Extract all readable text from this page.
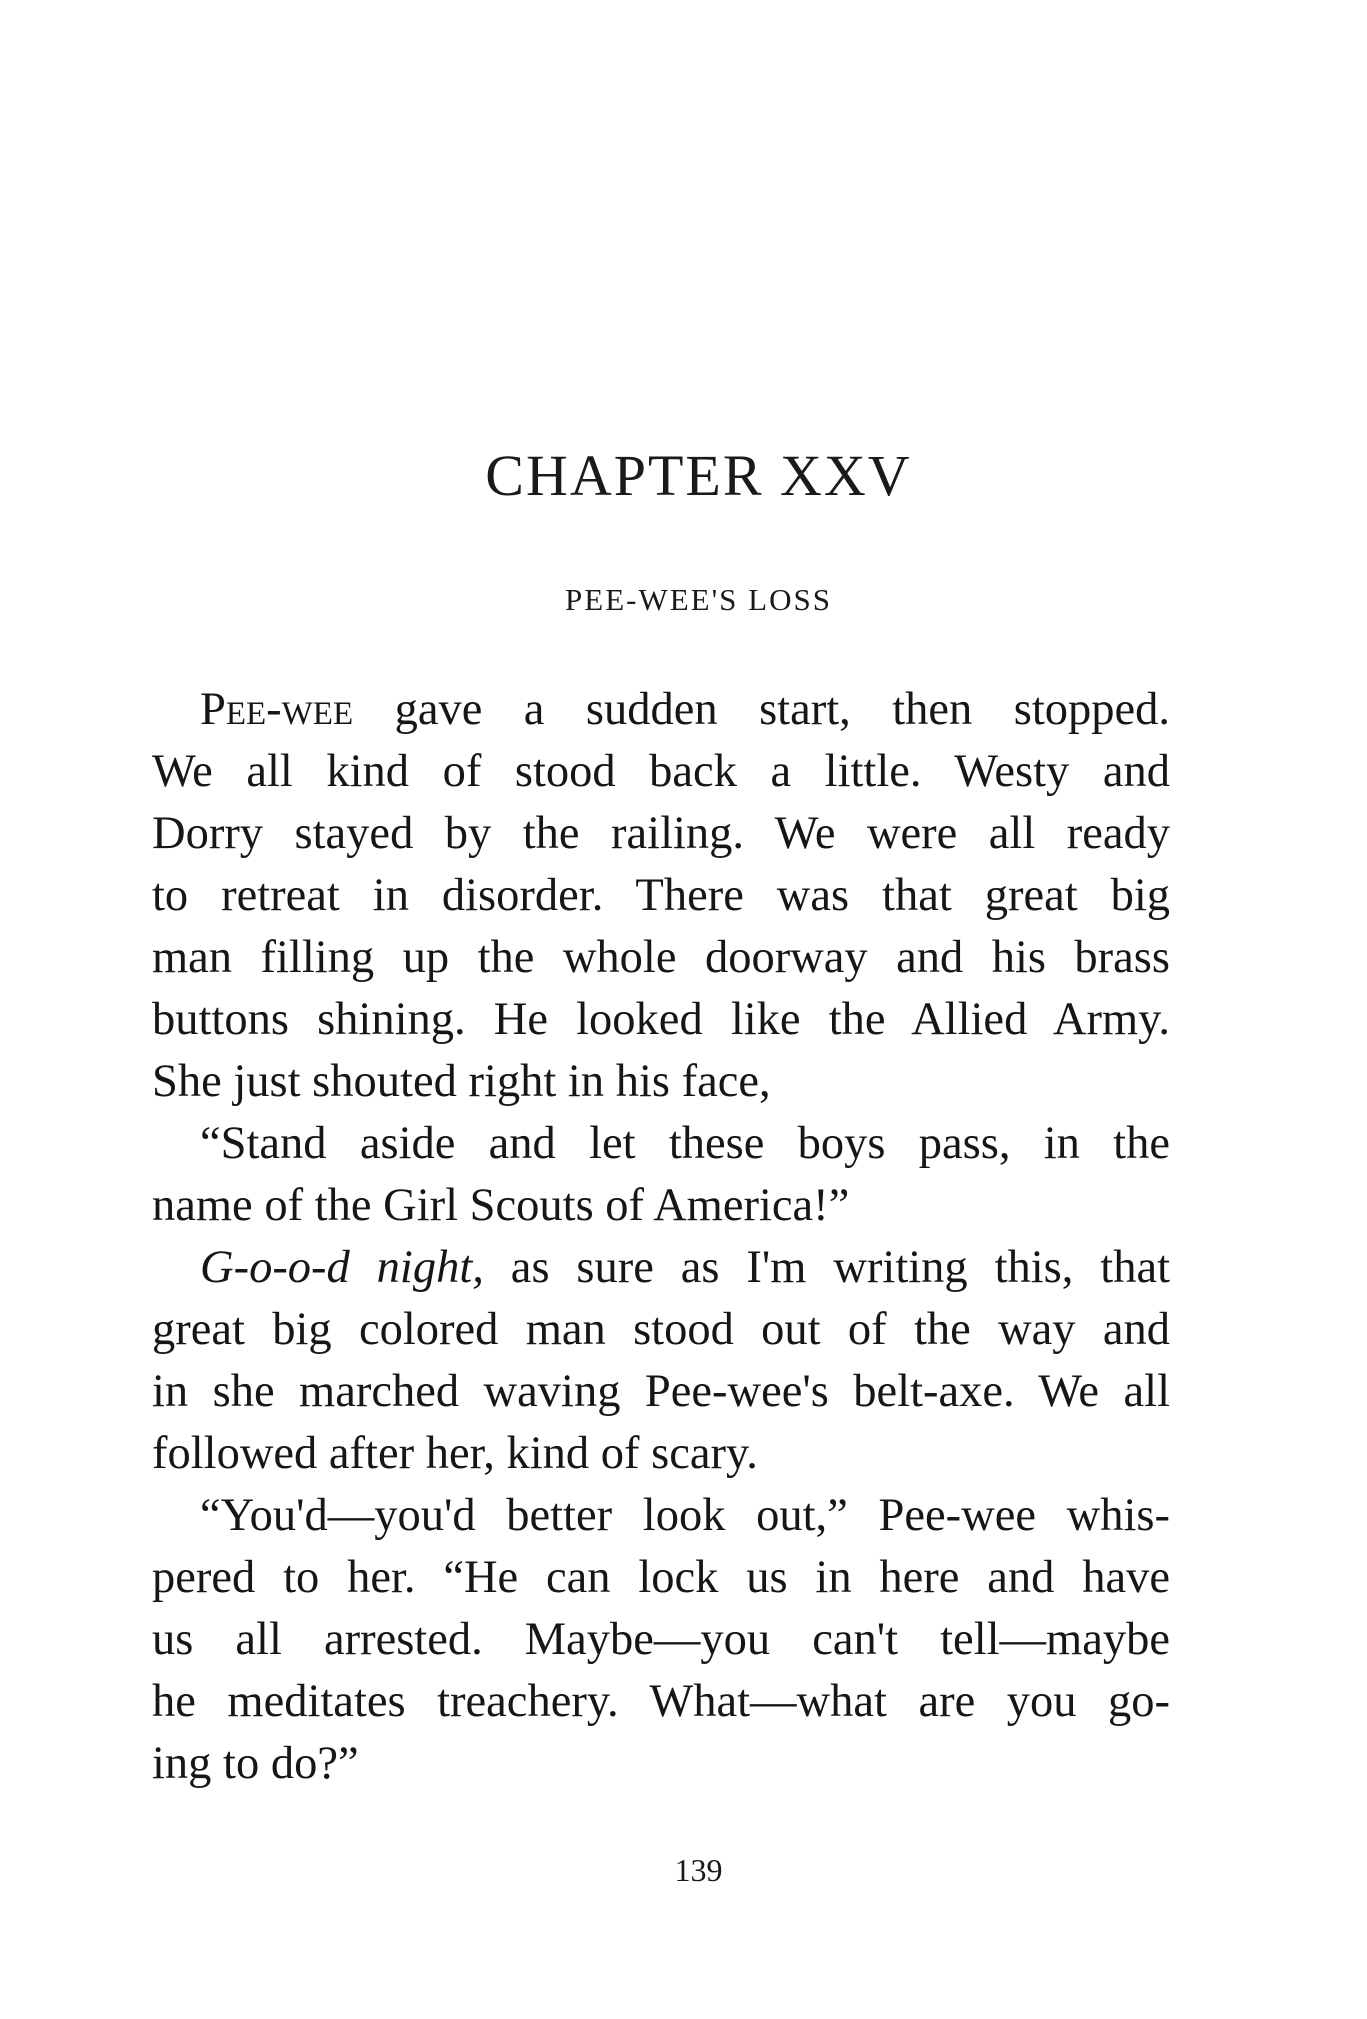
CHAPTER XXV
PEE-WEE'S LOSS
Pee-wee gave a sudden start, then stopped.
We all kind of stood back a little. Westy and
Dorry stayed by the railing. We were all ready
to retreat in disorder. There was that great big
man filling up the whole doorway and his brass
buttons shining. He looked like the Allied Army.
She just shouted right in his face,
“Stand aside and let these boys pass, in the
name of the Girl Scouts of America!”
G-o-o-d night, as sure as I'm writing this, that
great big colored man stood out of the way and
in she marched waving Pee-wee's belt-axe. We all
followed after her, kind of scary.
“You'd—you'd better look out,” Pee-wee whis-
pered to her. “He can lock us in here and have
us all arrested. Maybe—you can't tell—maybe
he meditates treachery. What—what are you go-
ing to do?”
139
